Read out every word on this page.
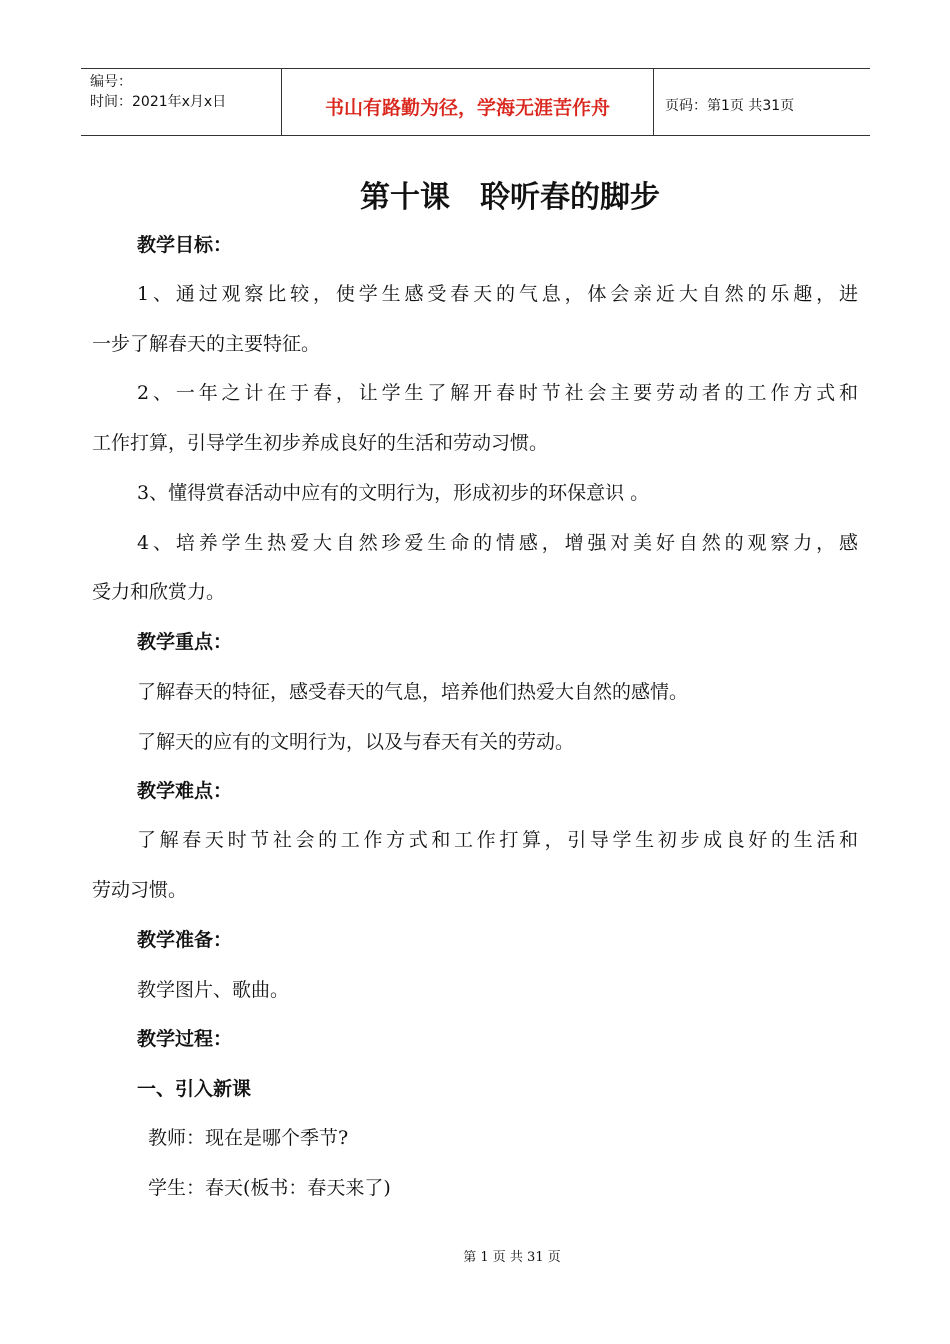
编号：
时间：2021年x月x日	书山有路勤为径，学海无涯苦作舟	页码：第1页 共31页
第十课　聆听春的脚步
教学目标：
1、通过观察比较，使学生感受春天的气息，体会亲近大自然的乐趣，进
一步了解春天的主要特征。
2、一年之计在于春，让学生了解开春时节社会主要劳动者的工作方式和
工作打算，引导学生初步养成良好的生活和劳动习惯。
3、懂得赏春活动中应有的文明行为，形成初步的环保意识 。
4、培养学生热爱大自然珍爱生命的情感，增强对美好自然的观察力，感
受力和欣赏力。
教学重点：
了解春天的特征，感受春天的气息，培养他们热爱大自然的感情。
了解天的应有的文明行为，以及与春天有关的劳动。
教学难点：
了解春天时节社会的工作方式和工作打算，引导学生初步成良好的生活和
劳动习惯。
教学准备：
教学图片、歌曲。
教学过程：
一、引入新课
教师：现在是哪个季节?
学生：春天(板书：春天来了)
第 1 页 共 31 页
